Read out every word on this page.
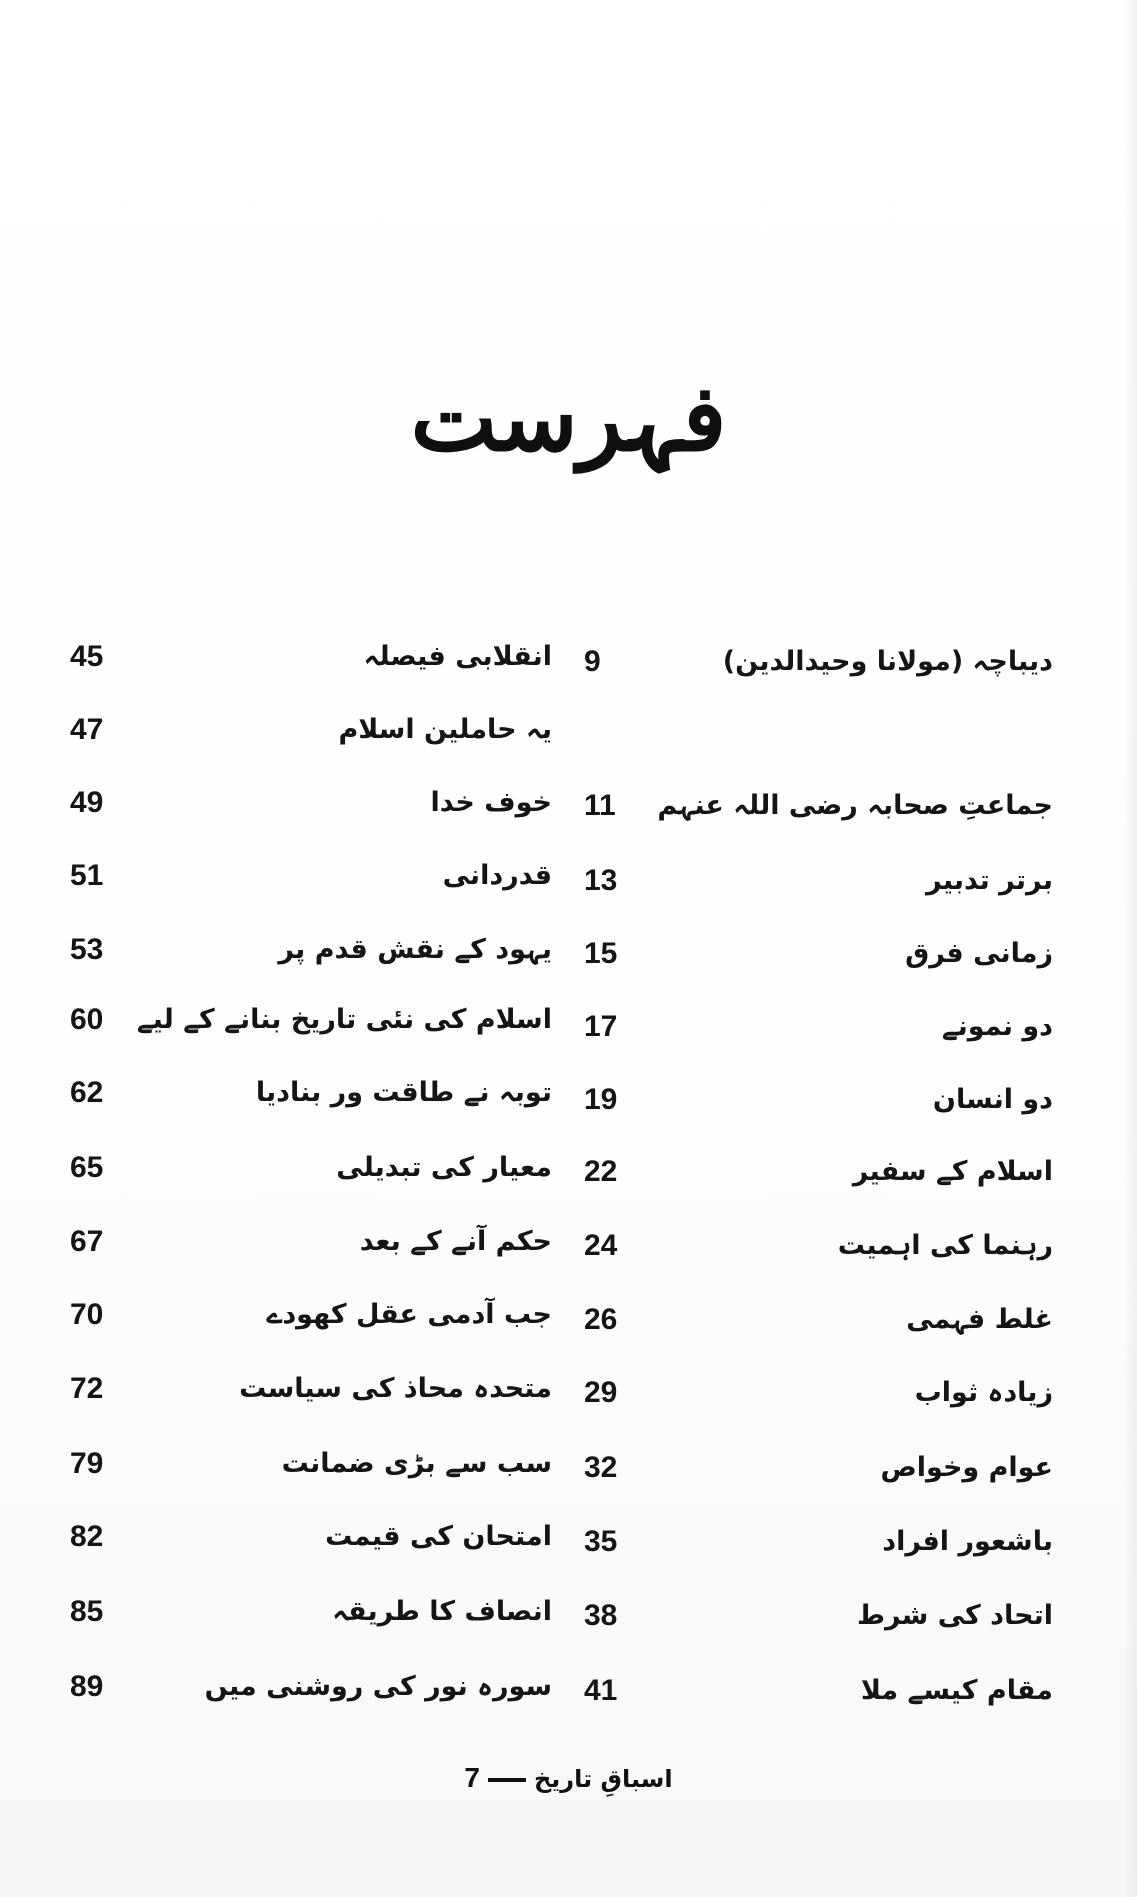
فہرست
45	انقلابی فیصلہ
47	یہ حاملین اسلام
49	خوف خدا
51	قدردانی
53	یہود کے نقش قدم پر
60	اسلام کی نئی تاریخ بنانے کے لیے
62	توبہ نے طاقت ور بنادیا
65	معیار کی تبدیلی
67	حکم آنے کے بعد
70	جب آدمی عقل کھودے
72	متحدہ محاذ کی سیاست
79	سب سے بڑی ضمانت
82	امتحان کی قیمت
85	انصاف کا طریقہ
89	سورہ نور کی روشنی میں
9	دیباچہ (مولانا وحیدالدین)
11	جماعتِ صحابہ رضی اللہ عنہم
13	برتر تدبیر
15	زمانی فرق
17	دو نمونے
19	دو انسان
22	اسلام کے سفیر
24	رہنما کی اہمیت
26	غلط فہمی
29	زیادہ ثواب
32	عوام وخواص
35	باشعور افراد
38	اتحاد کی شرط
41	مقام کیسے ملا
اسباقِ تاریخ7
